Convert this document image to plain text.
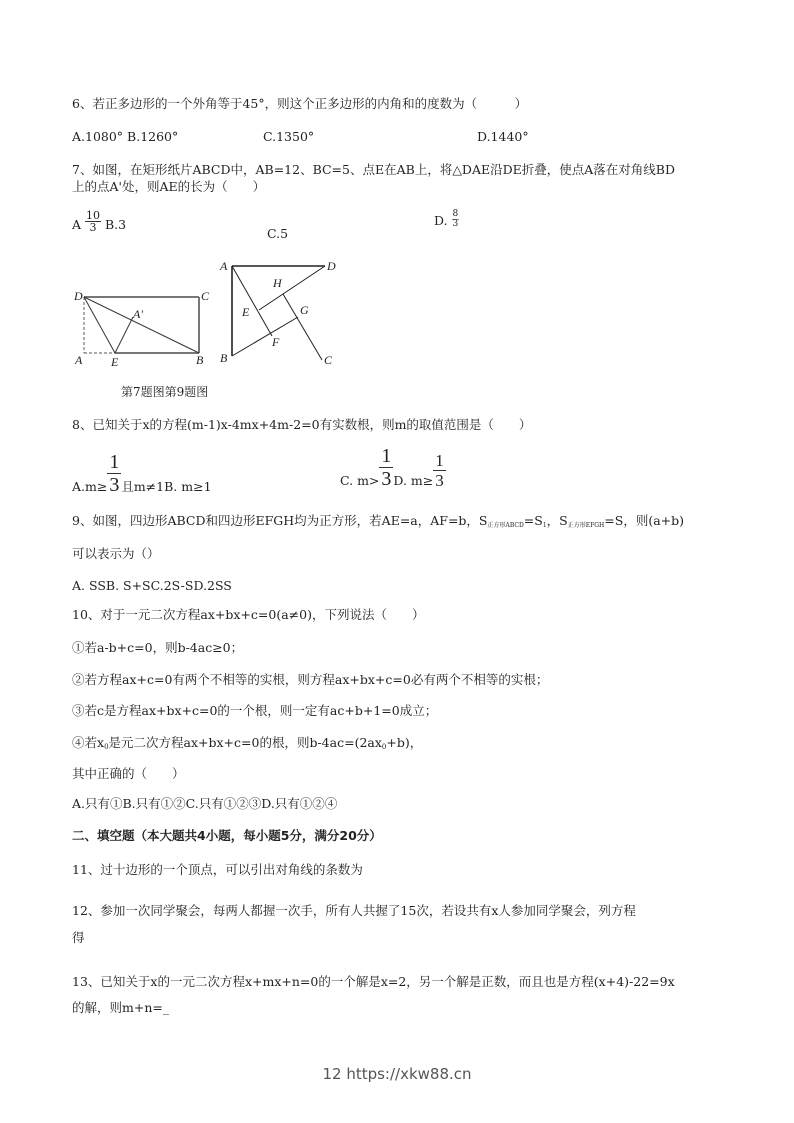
6、若正多边形的一个外角等于45°，则这个正多边形的内角和的度数为（　　　）
A.1080° B.1260°	C.1350°	D.1440°
7、如图，在矩形纸片ABCD中，AB=12、BC=5、点E在AB上，将△DAE沿DE折叠，使点A落在对角线BD
上的点A'处，则AE的长为（　　）
A $\frac{10}{3} B.3$
C.5
D. $\frac{8}{3}$
D	C
A'
A E	B
A	D
H
E	G
F
B	C
第7题图第9题图
8、已知关于x的方程(m-1)x-4mx+4m-2=0有实数根，则m的取值范围是（　　）
$A.m\ge \frac{1}{3}$ 且m≠1B. m≥1	C. $m> \frac{1}{3} D$. $m\ge \frac{1}{3}$
9、如图，四边形ABCD和四边形EFGH均为正方形，若AE=a，AF=b，$S_{正方形ABCD}=S_1$，$S_{正方形EFGH}=S$，则(a+b)
可以表示为（）
A. SSB. S+SC.2S-SD.2SS
10、对于一元二次方程ax+bx+c=0(a≠0)，下列说法（　　）
①若a-b+c=0，则b-4ac≥0；
②若方程ax+c=0有两个不相等的实根，则方程ax+bx+c=0必有两个不相等的实根；
③若c是方程ax+bx+c=0的一个根，则一定有ac+b+1=0成立；
④若$x_0$是元二次方程ax+bx+c=0的根，则$b-4ac=(2ax_0+b)$，
其中正确的（　　）
A.只有①B.只有①②C.只有①②③D.只有①②④
二、填空题（本大题共4小题，每小题5分，满分20分）
11、过十边形的一个顶点，可以引出对角线的条数为
12、参加一次同学聚会，每两人都握一次手，所有人共握了15次，若设共有x人参加同学聚会，列方程
得
13、已知关于x的一元二次方程x+mx+n=0的一个解是x=2，另一个解是正数，而且也是方程(x+4)-22=9x
的解，则m+n=_
12 https://xkw88.cn
